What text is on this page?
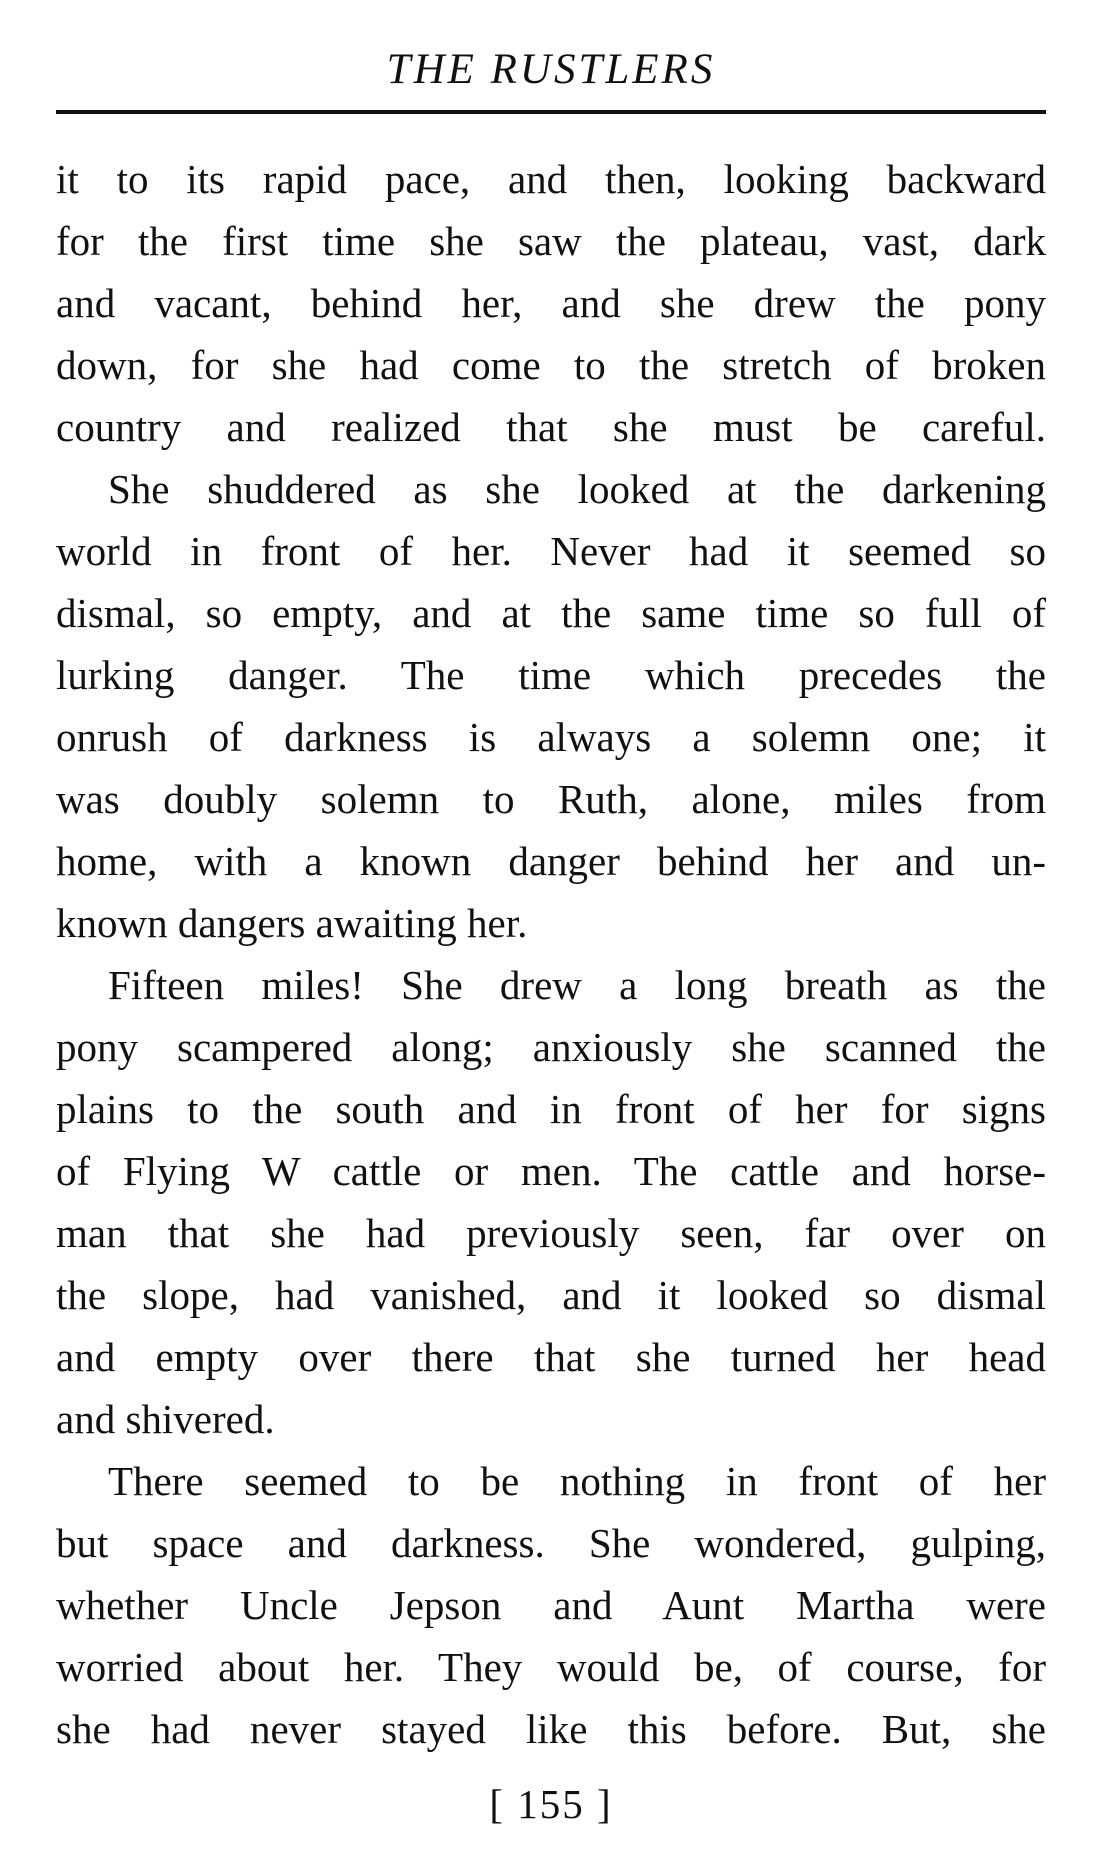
THE RUSTLERS
it to its rapid pace, and then, looking backward
for the first time she saw the plateau, vast, dark
and vacant, behind her, and she drew the pony
down, for she had come to the stretch of broken
country and realized that she must be careful.
She shuddered as she looked at the darkening
world in front of her. Never had it seemed so
dismal, so empty, and at the same time so full of
lurking danger. The time which precedes the
onrush of darkness is always a solemn one; it
was doubly solemn to Ruth, alone, miles from
home, with a known danger behind her and un-
known dangers awaiting her.
Fifteen miles! She drew a long breath as the
pony scampered along; anxiously she scanned the
plains to the south and in front of her for signs
of Flying W cattle or men. The cattle and horse-
man that she had previously seen, far over on
the slope, had vanished, and it looked so dismal
and empty over there that she turned her head
and shivered.
There seemed to be nothing in front of her
but space and darkness. She wondered, gulping,
whether Uncle Jepson and Aunt Martha were
worried about her. They would be, of course, for
she had never stayed like this before. But, she
[ 155 ]
